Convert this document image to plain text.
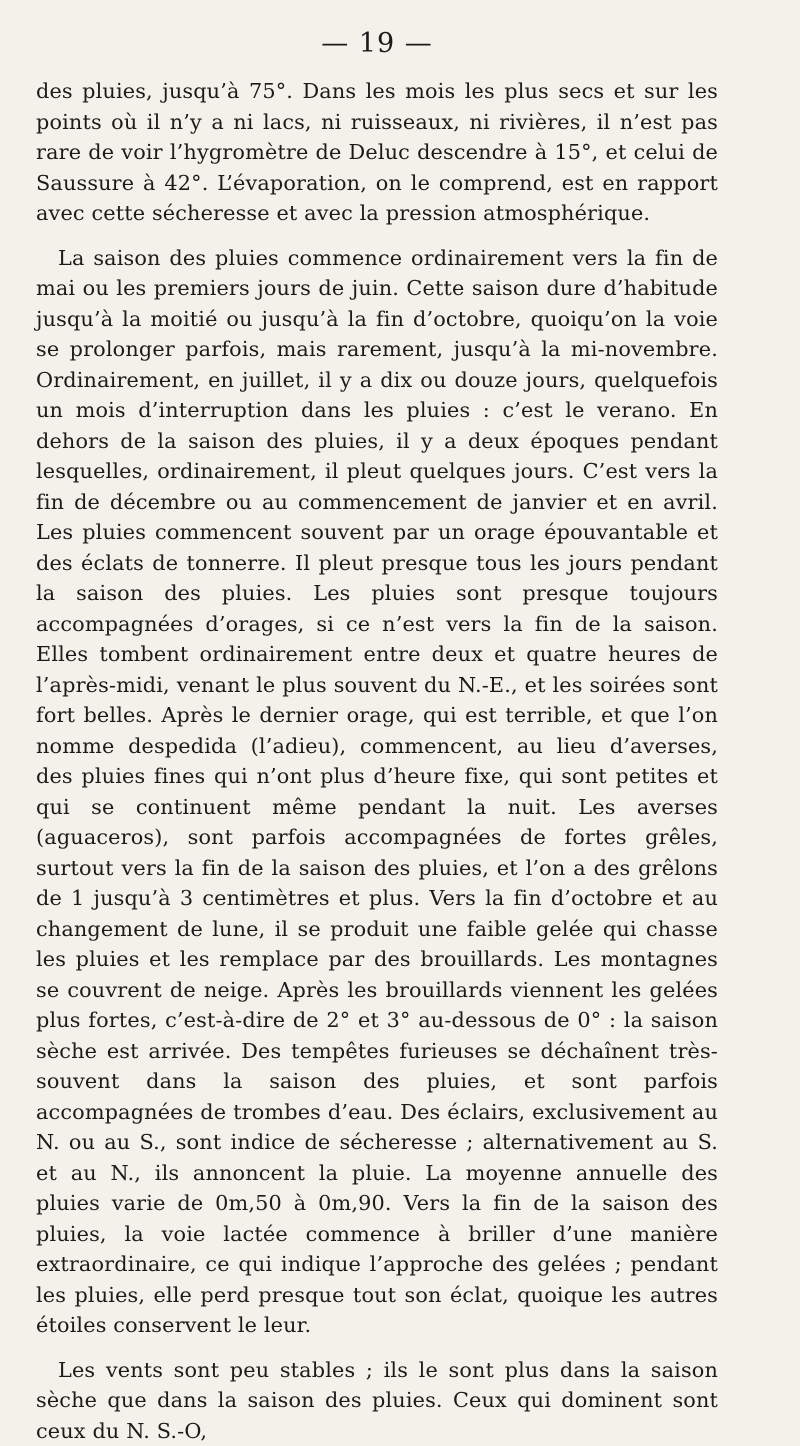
— 19 —

des pluies, jusqu’à 75°. Dans les mois les plus secs et sur les points où il n’y a ni lacs, ni ruisseaux, ni rivières, il n’est pas rare de voir l’hygromètre de Deluc descendre à 15°, et celui de Saussure à 42°. L’évaporation, on le comprend, est en rapport avec cette sécheresse et avec la pression atmosphérique.

La saison des pluies commence ordinairement vers la fin de mai ou les premiers jours de juin. Cette saison dure d’habitude jusqu’à la moitié ou jusqu’à la fin d’octobre, quoiqu’on la voie se prolonger parfois, mais rarement, jusqu’à la mi-novembre. Ordinairement, en juillet, il y a dix ou douze jours, quelquefois un mois d’interruption dans les pluies : c’est le verano. En dehors de la saison des pluies, il y a deux époques pendant lesquelles, ordinairement, il pleut quelques jours. C’est vers la fin de décembre ou au commencement de janvier et en avril. Les pluies commencent souvent par un orage épouvantable et des éclats de tonnerre. Il pleut presque tous les jours pendant la saison des pluies. Les pluies sont presque toujours accompagnées d’orages, si ce n’est vers la fin de la saison. Elles tombent ordinairement entre deux et quatre heures de l’après-midi, venant le plus souvent du N.-E., et les soirées sont fort belles. Après le dernier orage, qui est terrible, et que l’on nomme despedida (l’adieu), commencent, au lieu d’averses, des pluies fines qui n’ont plus d’heure fixe, qui sont petites et qui se continuent même pendant la nuit. Les averses (aguaceros), sont parfois accompagnées de fortes grêles, surtout vers la fin de la saison des pluies, et l’on a des grêlons de 1 jusqu’à 3 centimètres et plus. Vers la fin d’octobre et au changement de lune, il se produit une faible gelée qui chasse les pluies et les remplace par des brouillards. Les montagnes se couvrent de neige. Après les brouillards viennent les gelées plus fortes, c’est-à-dire de 2° et 3° au-dessous de 0° : la saison sèche est arrivée. Des tempêtes furieuses se déchaînent très-souvent dans la saison des pluies, et sont parfois accompagnées de trombes d’eau. Des éclairs, exclusivement au N. ou au S., sont indice de sécheresse ; alternativement au S. et au N., ils annoncent la pluie. La moyenne annuelle des pluies varie de 0m,50 à 0m,90. Vers la fin de la saison des pluies, la voie lactée commence à briller d’une manière extraordinaire, ce qui indique l’approche des gelées ; pendant les pluies, elle perd presque tout son éclat, quoique les autres étoiles conservent le leur.

Les vents sont peu stables ; ils le sont plus dans la saison sèche que dans la saison des pluies. Ceux qui dominent sont ceux du N. S.-O,
